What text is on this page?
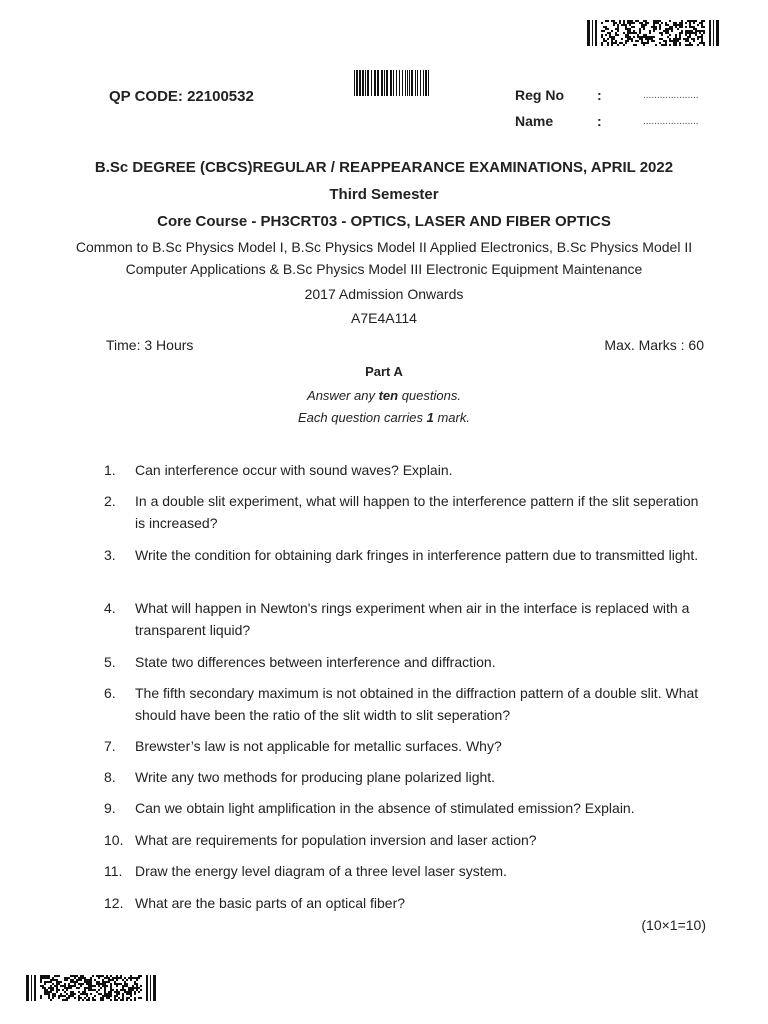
QP CODE: 22100532	Reg No :	....................
Name	:	....................
B.Sc DEGREE (CBCS)REGULAR / REAPPEARANCE EXAMINATIONS, APRIL 2022
Third Semester
Core Course - PH3CRT03 - OPTICS, LASER AND FIBER OPTICS
Common to B.Sc Physics Model I, B.Sc Physics Model II Applied Electronics, B.Sc Physics Model II
Computer Applications & B.Sc Physics Model III Electronic Equipment Maintenance
2017 Admission Onwards
A7E4A114
Time: 3 Hours	Max. Marks : 60
Part A
Answer any ten questions.
Each question carries 1 mark.
1.	Can interference occur with sound waves? Explain.
2.	In a double slit experiment, what will happen to the interference pattern if the slit seperation is increased?
3.	Write the condition for obtaining dark fringes in interference pattern due to transmitted light.
4.	What will happen in Newton's rings experiment when air in the interface is replaced with a transparent liquid?
5.	State two differences between interference and diffraction.
6.	The fifth secondary maximum is not obtained in the diffraction pattern of a double slit. What should have been the ratio of the slit width to slit seperation?
7.	Brewster’s law is not applicable for metallic surfaces. Why?
8.	Write any two methods for producing plane polarized light.
9.	Can we obtain light amplification in the absence of stimulated emission? Explain.
10. What are requirements for population inversion and laser action?
11. Draw the energy level diagram of a three level laser system.
12. What are the basic parts of an optical fiber?
(10×1=10)
